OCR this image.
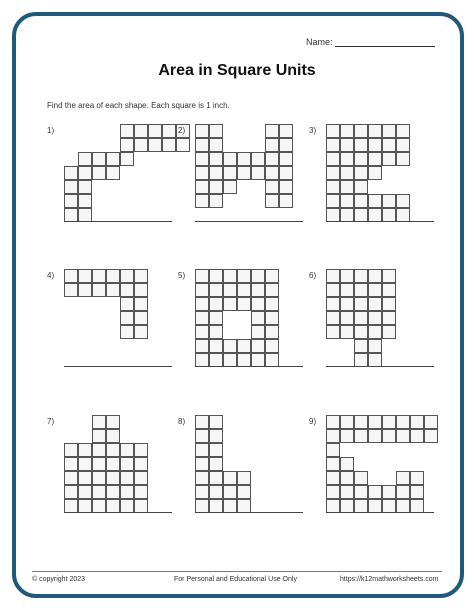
Name:
Area in Square Units
Find the area of each shape. Each square is 1 inch.
1)	2)	3)
4)	5)	6)
7)	8)	9)
© copyright 2023	For Personal and Educational Use Only	https://k12mathworksheets.com
